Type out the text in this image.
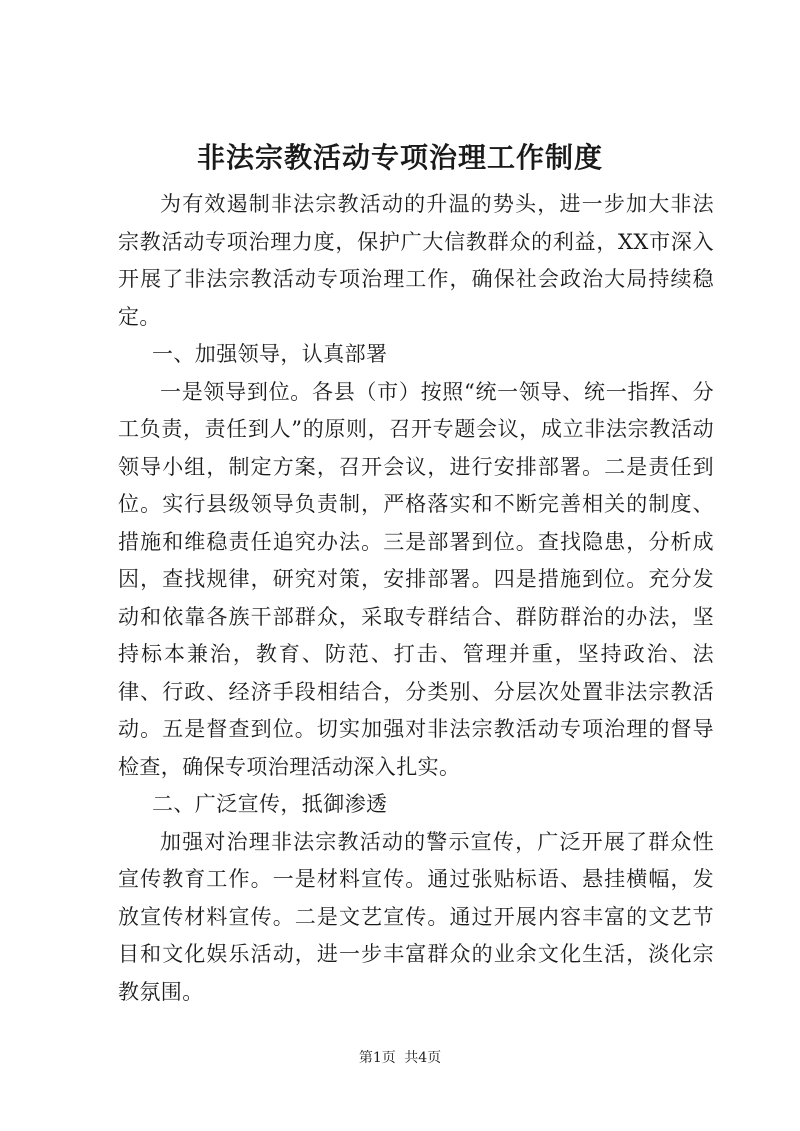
非法宗教活动专项治理工作制度

为有效遏制非法宗教活动的升温的势头，进一步加大非法宗教活动专项治理力度，保护广大信教群众的利益，XX市深入开展了非法宗教活动专项治理工作，确保社会政治大局持续稳定。

一、加强领导，认真部署

一是领导到位。各县（市）按照“统一领导、统一指挥、分工负责，责任到人”的原则，召开专题会议，成立非法宗教活动领导小组，制定方案，召开会议，进行安排部署。二是责任到位。实行县级领导负责制，严格落实和不断完善相关的制度、措施和维稳责任追究办法。三是部署到位。查找隐患，分析成因，查找规律，研究对策，安排部署。四是措施到位。充分发动和依靠各族干部群众，采取专群结合、群防群治的办法，坚持标本兼治，教育、防范、打击、管理并重，坚持政治、法律、行政、经济手段相结合，分类别、分层次处置非法宗教活动。五是督查到位。切实加强对非法宗教活动专项治理的督导检查，确保专项治理活动深入扎实。

二、广泛宣传，抵御渗透

加强对治理非法宗教活动的警示宣传，广泛开展了群众性宣传教育工作。一是材料宣传。通过张贴标语、悬挂横幅，发放宣传材料宣传。二是文艺宣传。通过开展内容丰富的文艺节目和文化娱乐活动，进一步丰富群众的业余文化生活，淡化宗教氛围。

第1页 共4页
